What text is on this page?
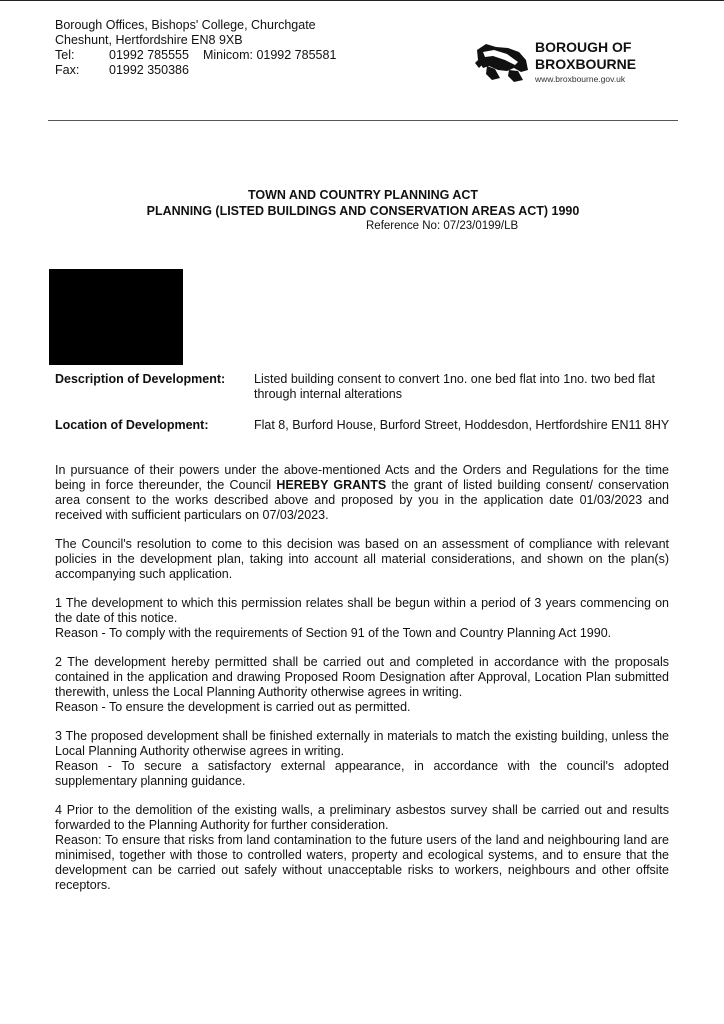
Borough Offices, Bishops' College, Churchgate
Cheshunt, Hertfordshire EN8 9XB
Tel:	01992 785555 Minicom: 01992 785581
Fax: 01992 350386
BOROUGH OF
BROXBOURNE
www.broxbourne.gov.uk
TOWN AND COUNTRY PLANNING ACT
PLANNING (LISTED BUILDINGS AND CONSERVATION AREAS ACT) 1990
Reference No: 07/23/0199/LB
Description of Development: Listed building consent to convert 1no. one bed flat into 1no. two bed flat through internal alterations
Location of Development:	Flat 8, Burford House, Burford Street, Hoddesdon, Hertfordshire EN11 8HY

In pursuance of their powers under the above-mentioned Acts and the Orders and Regulations for the time being in force thereunder, the Council HEREBY GRANTS the grant of listed building consent/ conservation area consent to the works described above and proposed by you in the application date 01/03/2023 and received with sufficient particulars on 07/03/2023.

The Council's resolution to come to this decision was based on an assessment of compliance with relevant policies in the development plan, taking into account all material considerations, and shown on the plan(s) accompanying such application.

1 The development to which this permission relates shall be begun within a period of 3 years commencing on the date of this notice.
Reason - To comply with the requirements of Section 91 of the Town and Country Planning Act 1990.
2 The development hereby permitted shall be carried out and completed in accordance with the proposals contained in the application and drawing Proposed Room Designation after Approval, Location Plan submitted therewith, unless the Local Planning Authority otherwise agrees in writing.
Reason - To ensure the development is carried out as permitted.
3 The proposed development shall be finished externally in materials to match the existing building, unless the Local Planning Authority otherwise agrees in writing.
Reason - To secure a satisfactory external appearance, in accordance with the council's adopted supplementary planning guidance.
4 Prior to the demolition of the existing walls, a preliminary asbestos survey shall be carried out and results forwarded to the Planning Authority for further consideration.
Reason: To ensure that risks from land contamination to the future users of the land and neighbouring land are minimised, together with those to controlled waters, property and ecological systems, and to ensure that the development can be carried out safely without unacceptable risks to workers, neighbours and other offsite receptors.
